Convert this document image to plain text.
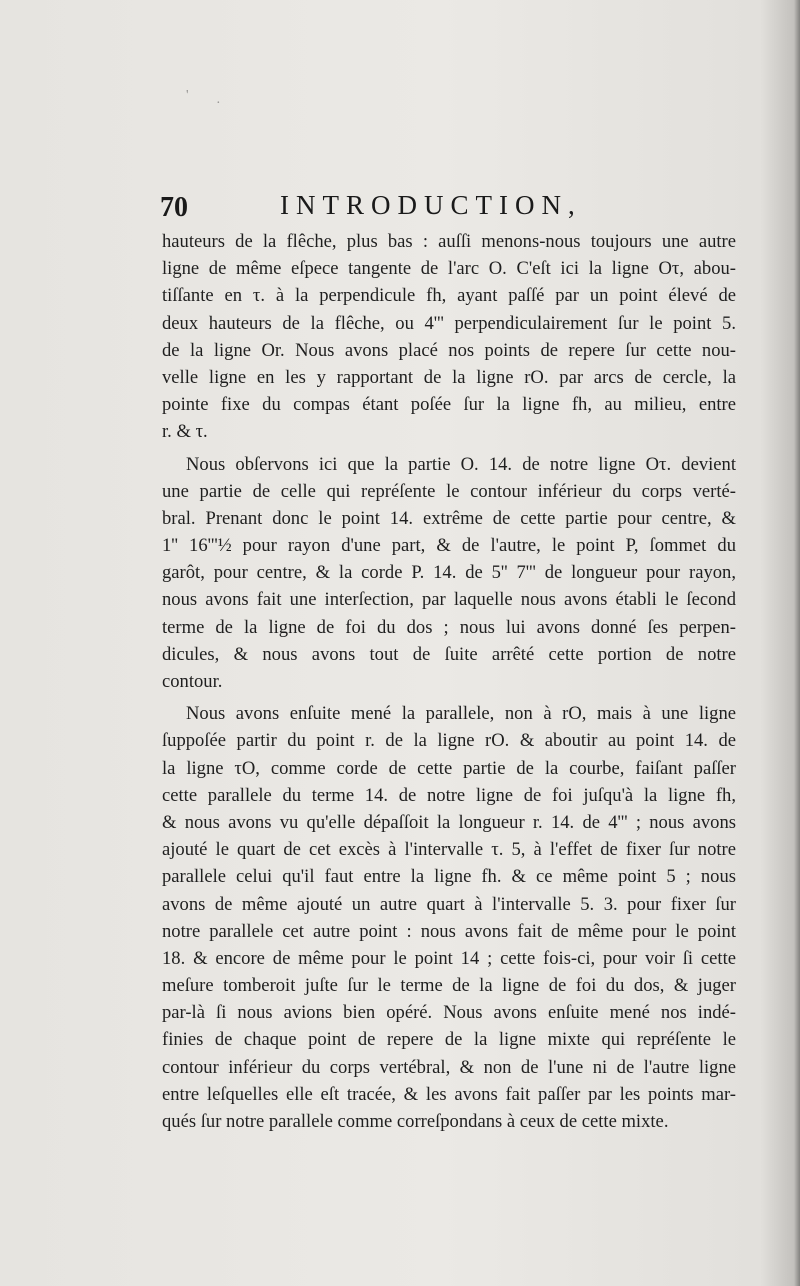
70	INTRODUCTION,
hauteurs de la flêche, plus bas : auſſi menons-nous toujours une autre
ligne de même eſpece tangente de l'arc O. C'eſt ici la ligne Oτ, abou-
tiſſante en τ. à la perpendicule fh, ayant paſſé par un point élevé de
deux hauteurs de la flêche, ou 4''' perpendiculairement ſur le point 5.
de la ligne Or. Nous avons placé nos points de repere ſur cette nou-
velle ligne en les y rapportant de la ligne rO. par arcs de cercle, la
pointe fixe du compas étant poſée ſur la ligne fh, au milieu, entre
r. & τ.
Nous obſervons ici que la partie O. 14. de notre ligne Oτ. devient
une partie de celle qui repréſente le contour inférieur du corps verté-
bral. Prenant donc le point 14. extrême de cette partie pour centre, &
1'' 16'''½ pour rayon d'une part, & de l'autre, le point P, ſommet du
garôt, pour centre, & la corde P. 14. de 5'' 7''' de longueur pour rayon,
nous avons fait une interſection, par laquelle nous avons établi le ſecond
terme de la ligne de foi du dos ; nous lui avons donné ſes perpen-
dicules, & nous avons tout de ſuite arrêté cette portion de notre
contour.
Nous avons enſuite mené la parallele, non à rO, mais à une ligne
ſuppoſée partir du point r. de la ligne rO. & aboutir au point 14. de
la ligne τO, comme corde de cette partie de la courbe, faiſant paſſer
cette parallele du terme 14. de notre ligne de foi juſqu'à la ligne fh,
& nous avons vu qu'elle dépaſſoit la longueur r. 14. de 4''' ; nous avons
ajouté le quart de cet excès à l'intervalle τ. 5, à l'effet de fixer ſur notre
parallele celui qu'il faut entre la ligne fh. & ce même point 5 ; nous
avons de même ajouté un autre quart à l'intervalle 5. 3. pour fixer ſur
notre parallele cet autre point : nous avons fait de même pour le point
18. & encore de même pour le point 14 ; cette fois-ci, pour voir ſi cette
meſure tomberoit juſte ſur le terme de la ligne de foi du dos, & juger
par-là ſi nous avions bien opéré. Nous avons enſuite mené nos indé-
finies de chaque point de repere de la ligne mixte qui repréſente le
contour inférieur du corps vertébral, & non de l'une ni de l'autre ligne
entre leſquelles elle eſt tracée, & les avons fait paſſer par les points mar-
qués ſur notre parallele comme correſpondans à ceux de cette mixte.
'
·
